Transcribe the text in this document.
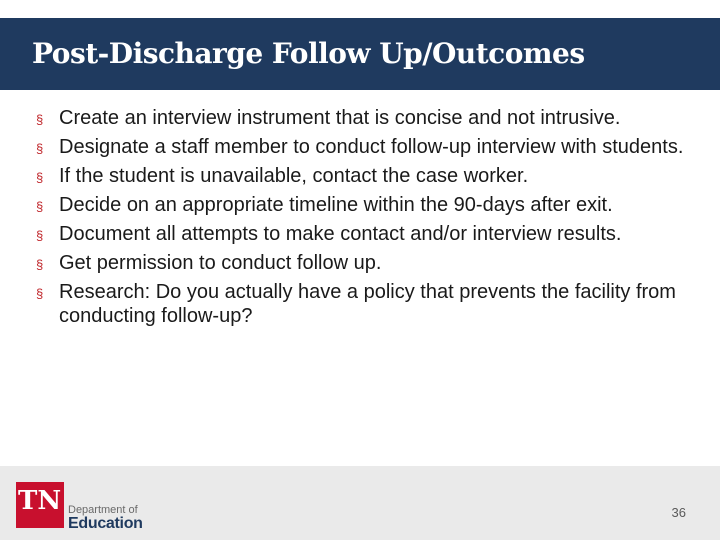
Post-Discharge Follow Up/Outcomes
§ Create an interview instrument that is concise and not intrusive.
§ Designate a staff member to conduct follow-up interview with students.
§ If the student is unavailable, contact the case worker.
§ Decide on an appropriate timeline within the 90-days after exit.
§ Document all attempts to make contact and/or interview results.
§ Get permission to conduct follow up.
§ Research: Do you actually have a policy that prevents the facility from conducting follow-up?
TN Department of
Education
36
